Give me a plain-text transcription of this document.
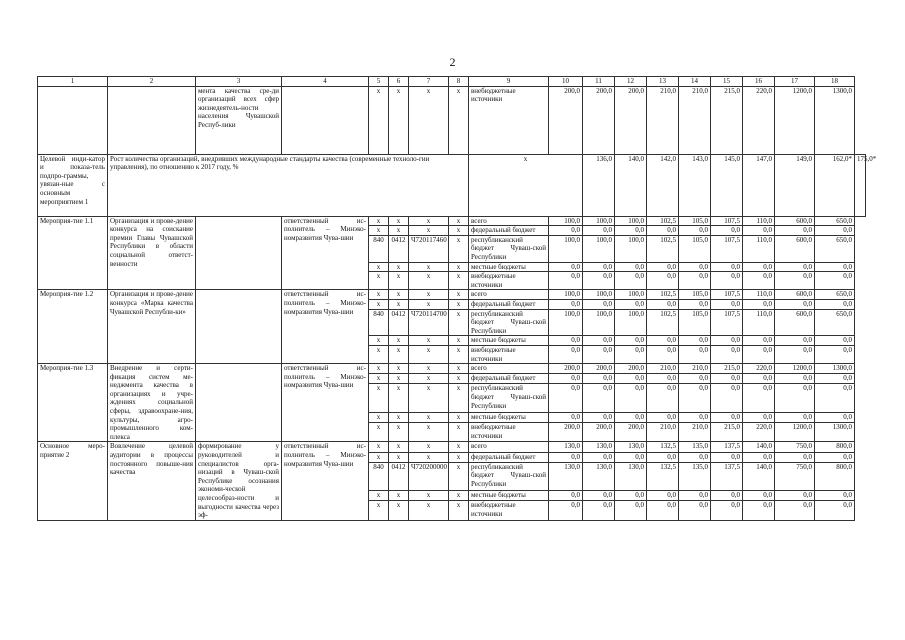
2
1	2	3	4	5	6	7	8	9	10	11	12	13	14	15	16	17	18	
		мента качества сре-ди организаций всех сфер жизнедеятель-ности населения Чувашской Респуб-лики		x	x	x	x	внебюджетные источники	200,0	200,0	200,0	210,0	210,0	215,0	220,0	1200,0	1300,0	
Целевой инди-катор и показа-тель подпро-граммы, увязан-ные с основным мероприятием 1	Рост количества организаций, внедривших международные стандарты качества (современные техноло-гии управления), по отношению к 2017 году, %							x		136,0	140,0	142,0	143,0	145,0	147,0	149,0	162,0*	175,0*
Мероприя-тие 1.1	Организация и прове-дение конкурса на соискание премии Главы Чувашской Республики в области социальной ответст-венности		ответственный ис-полнитель – Минэко-номразвития Чува-шии	x	x	x	x	всего	100,0	100,0	100,0	102,5	105,0	107,5	110,0	600,0	650,0	
				x	x	x	x	федеральный бюджет	0,0	0,0	0,0	0,0	0,0	0,0	0,0	0,0	0,0	
				840	0412	Ч720117460	x	республиканский бюджет Чуваш-ской Республики	100,0	100,0	100,0	102,5	105,0	107,5	110,0	600,0	650,0	
				x	x	x	x	местные бюджеты	0,0	0,0	0,0	0,0	0,0	0,0	0,0	0,0	0,0	
				x	x	x	x	внебюджетные источники	0,0	0,0	0,0	0,0	0,0	0,0	0,0	0,0	0,0	
Мероприя-тие 1.2	Организация и прове-дение конкурса «Марка качества Чувашской Республи-ки»		ответственный ис-полнитель – Минэко-номразвития Чува-шии	x	x	x	x	всего	100,0	100,0	100,0	102,5	105,0	107,5	110,0	600,0	650,0	
				x	x	x	x	федеральный бюджет	0,0	0,0	0,0	0,0	0,0	0,0	0,0	0,0	0,0	
				840	0412	Ч720114700	x	республиканский бюджет Чуваш-ской Республики	100,0	100,0	100,0	102,5	105,0	107,5	110,0	600,0	650,0	
				x	x	x	x	местные бюджеты	0,0	0,0	0,0	0,0	0,0	0,0	0,0	0,0	0,0	
				x	x	x	x	внебюджетные источники	0,0	0,0	0,0	0,0	0,0	0,0	0,0	0,0	0,0	
Мероприя-тие 1.3	Внедрение и серти-фикация систем ме-неджмента качества в организациях и учре-ждениях социальной сферы, здравоохране-ния, культуры, агро-промышленного ком-плекса		ответственный ис-полнитель – Минэко-номразвития Чува-шии	x	x	x	x	всего	200,0	200,0	200,0	210,0	210,0	215,0	220,0	1200,0	1300,0	
				x	x	x	x	федеральный бюджет	0,0	0,0	0,0	0,0	0,0	0,0	0,0	0,0	0,0	
				x	x	x	x	республиканский бюджет Чуваш-ской Республики	0,0	0,0	0,0	0,0	0,0	0,0	0,0	0,0	0,0	
				x	x	x	x	местные бюджеты	0,0	0,0	0,0	0,0	0,0	0,0	0,0	0,0	0,0	
				x	x	x	x	внебюджетные источники	200,0	200,0	200,0	210,0	210,0	215,0	220,0	1200,0	1300,0	
Основное меро-приятие 2	Вовлечение целевой аудитории в процессы постоянного повыше-ния качества	формирование у руководителей и специалистов орга-низаций в Чуваш-ской Республике осознания экономи-ческой целесообраз-ности и выгодности качества через эф-	ответственный ис-полнитель – Минэко-номразвития Чува-шии	x	x	x	x	всего	130,0	130,0	130,0	132,5	135,0	137,5	140,0	750,0	800,0	
				x	x	x	x	федеральный бюджет	0,0	0,0	0,0	0,0	0,0	0,0	0,0	0,0	0,0	
				840	0412	Ч720200000	x	республиканский бюджет Чуваш-ской Республики	130,0	130,0	130,0	132,5	135,0	137,5	140,0	750,0	800,0	
				x	x	x	x	местные бюджеты	0,0	0,0	0,0	0,0	0,0	0,0	0,0	0,0	0,0	
				x	x	x	x	внебюджетные источники	0,0	0,0	0,0	0,0	0,0	0,0	0,0	0,0	0,0	
